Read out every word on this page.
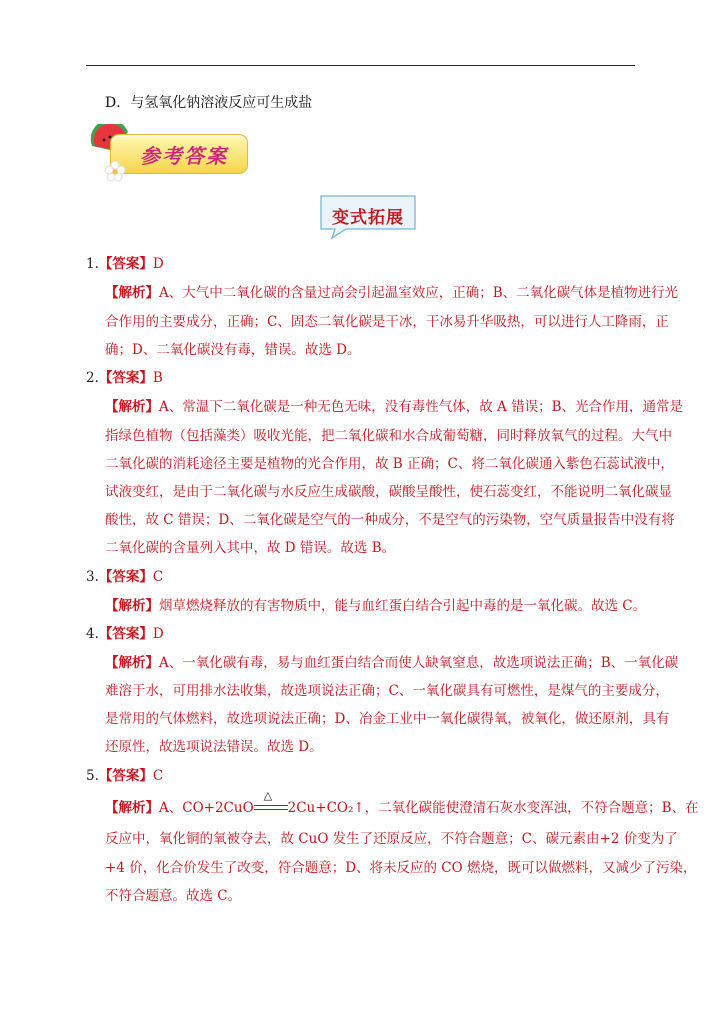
D．与氢氧化钠溶液反应可生成盐
参考答案
变式拓展
1.【答案】D
【解析】A、大气中二氧化碳的含量过高会引起温室效应，正确；B、二氧化碳气体是植物进行光
合作用的主要成分，正确；C、固态二氧化碳是干冰，干冰易升华吸热，可以进行人工降雨，正
确；D、二氧化碳没有毒，错误。故选 D。
2.【答案】B
【解析】A、常温下二氧化碳是一种无色无味，没有毒性气体，故 A 错误；B、光合作用，通常是
指绿色植物（包括藻类）吸收光能，把二氧化碳和水合成葡萄糖，同时释放氧气的过程。大气中
二氧化碳的消耗途径主要是植物的光合作用，故 B 正确；C、将二氧化碳通入紫色石蕊试液中，
试液变红，是由于二氧化碳与水反应生成碳酸，碳酸呈酸性，使石蕊变红，不能说明二氧化碳显
酸性，故 C 错误；D、二氧化碳是空气的一种成分，不是空气的污染物，空气质量报告中没有将
二氧化碳的含量列入其中，故 D 错误。故选 B。
3.【答案】C
【解析】烟草燃烧释放的有害物质中，能与血红蛋白结合引起中毒的是一氧化碳。故选 C。
4.【答案】D
【解析】A、一氧化碳有毒，易与血红蛋白结合而使人缺氧窒息，故选项说法正确；B、一氧化碳
难溶于水，可用排水法收集，故选项说法正确；C、一氧化碳具有可燃性，是煤气的主要成分，
是常用的气体燃料，故选项说法正确；D、冶金工业中一氧化碳得氧，被氧化，做还原剂，具有
还原性，故选项说法错误。故选 D。
5.【答案】C
【解析】A、CO+2CuO
△
2Cu+CO₂↑，二氧化碳能使澄清石灰水变浑浊，不符合题意；B、在
反应中，氧化铜的氧被夺去，故 CuO 发生了还原反应，不符合题意；C、碳元素由+2 价变为了
+4 价，化合价发生了改变，符合题意；D、将未反应的 CO 燃烧，既可以做燃料，又减少了污染，
不符合题意。故选 C。
